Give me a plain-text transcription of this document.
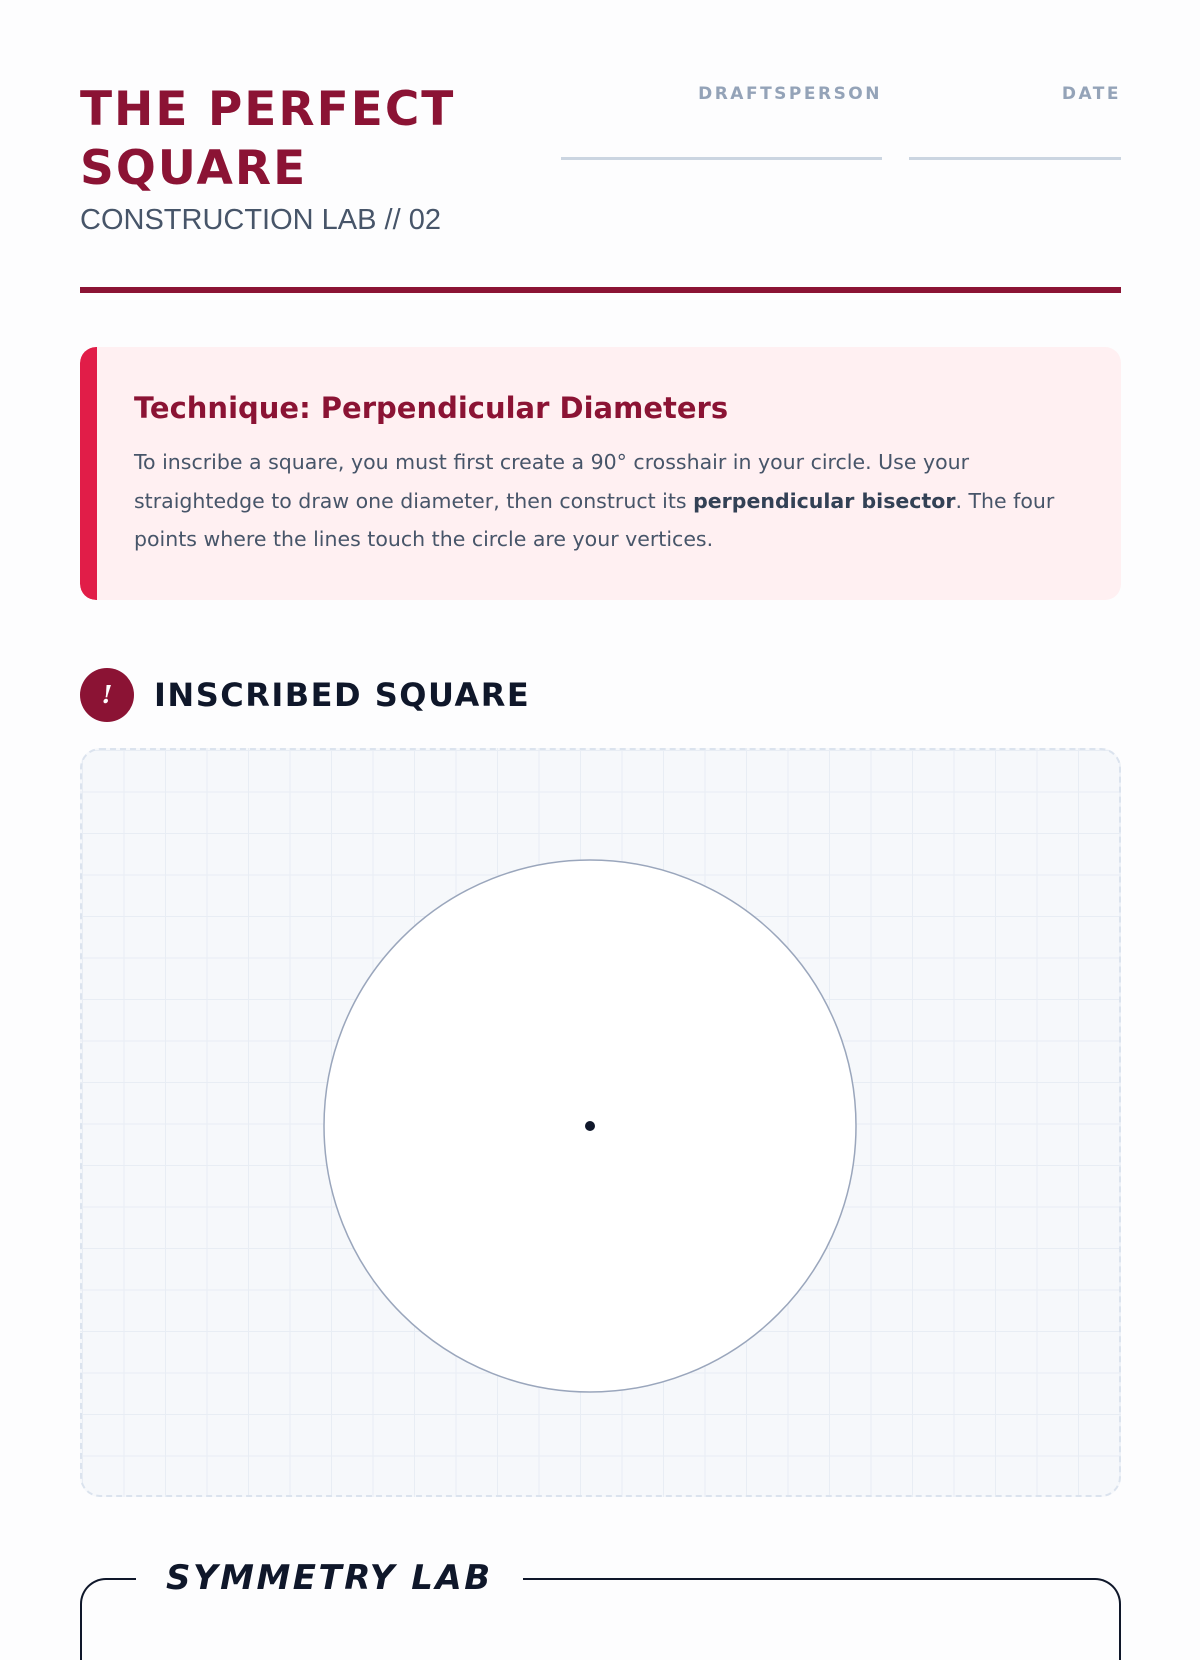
THE PERFECT SQUARE
CONSTRUCTION LAB // 02
DRAFTSPERSON	DATE
Technique: Perpendicular Diameters

To inscribe a square, you must first create a 90° crosshair in your circle. Use your straightedge to draw one diameter, then construct its perpendicular bisector. The four points where the lines touch the circle are your vertices.

!	INSCRIBED SQUARE
SYMMETRY LAB
